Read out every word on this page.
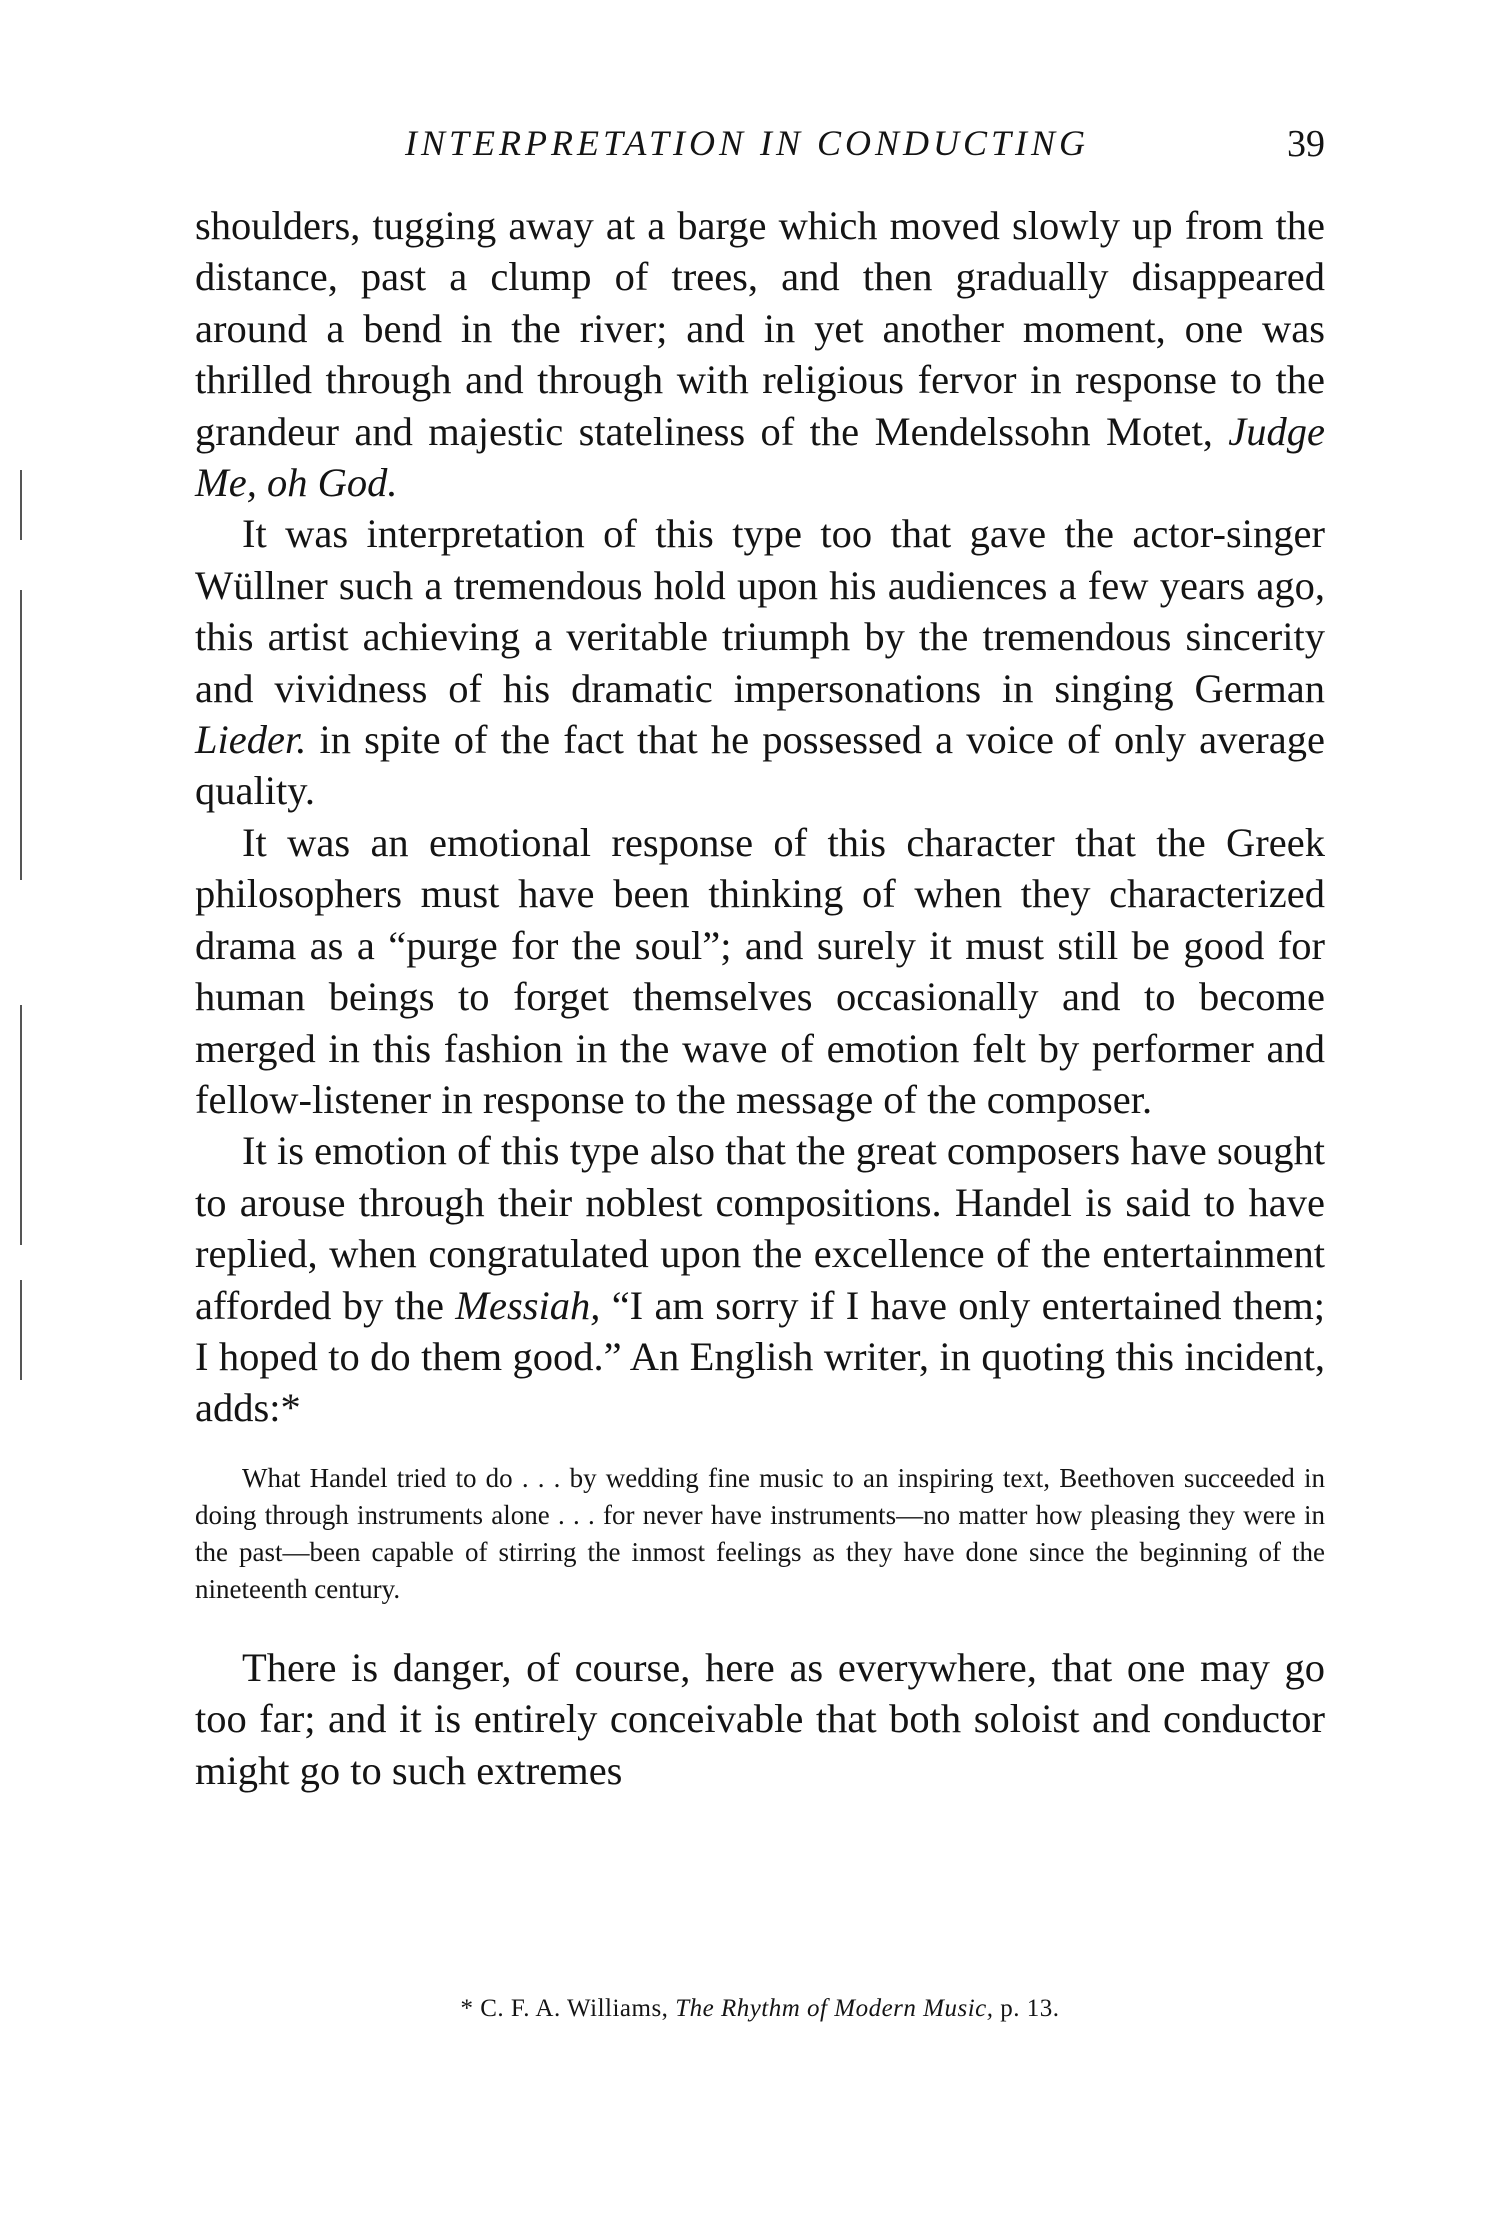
INTERPRETATION IN CONDUCTING	39

shoulders, tugging away at a barge which moved slowly up from the distance, past a clump of trees, and then gradually disappeared around a bend in the river; and in yet another moment, one was thrilled through and through with religious fervor in response to the grandeur and majestic stateliness of the Mendelssohn Motet, Judge Me, oh God.

It was interpretation of this type too that gave the actor-singer Wüllner such a tremendous hold upon his audiences a few years ago, this artist achieving a veritable triumph by the tremendous sincerity and vividness of his dramatic impersonations in singing German Lieder. in spite of the fact that he possessed a voice of only average quality.

It was an emotional response of this character that the Greek philosophers must have been thinking of when they characterized drama as a “purge for the soul”; and surely it must still be good for human beings to forget themselves occasionally and to become merged in this fashion in the wave of emotion felt by performer and fellow-listener in response to the message of the composer.

It is emotion of this type also that the great composers have sought to arouse through their noblest compositions. Handel is said to have replied, when congratulated upon the excellence of the entertainment afforded by the Messiah, “I am sorry if I have only entertained them; I hoped to do them good.” An English writer, in quoting this incident, adds:*

What Handel tried to do . . . by wedding fine music to an inspiring text, Beethoven succeeded in doing through instruments alone . . . for never have instruments—no matter how pleasing they were in the past—been capable of stirring the inmost feelings as they have done since the beginning of the nineteenth century.

There is danger, of course, here as everywhere, that one may go too far; and it is entirely conceivable that both soloist and conductor might go to such extremes

* C. F. A. Williams, The Rhythm of Modern Music, p. 13.
